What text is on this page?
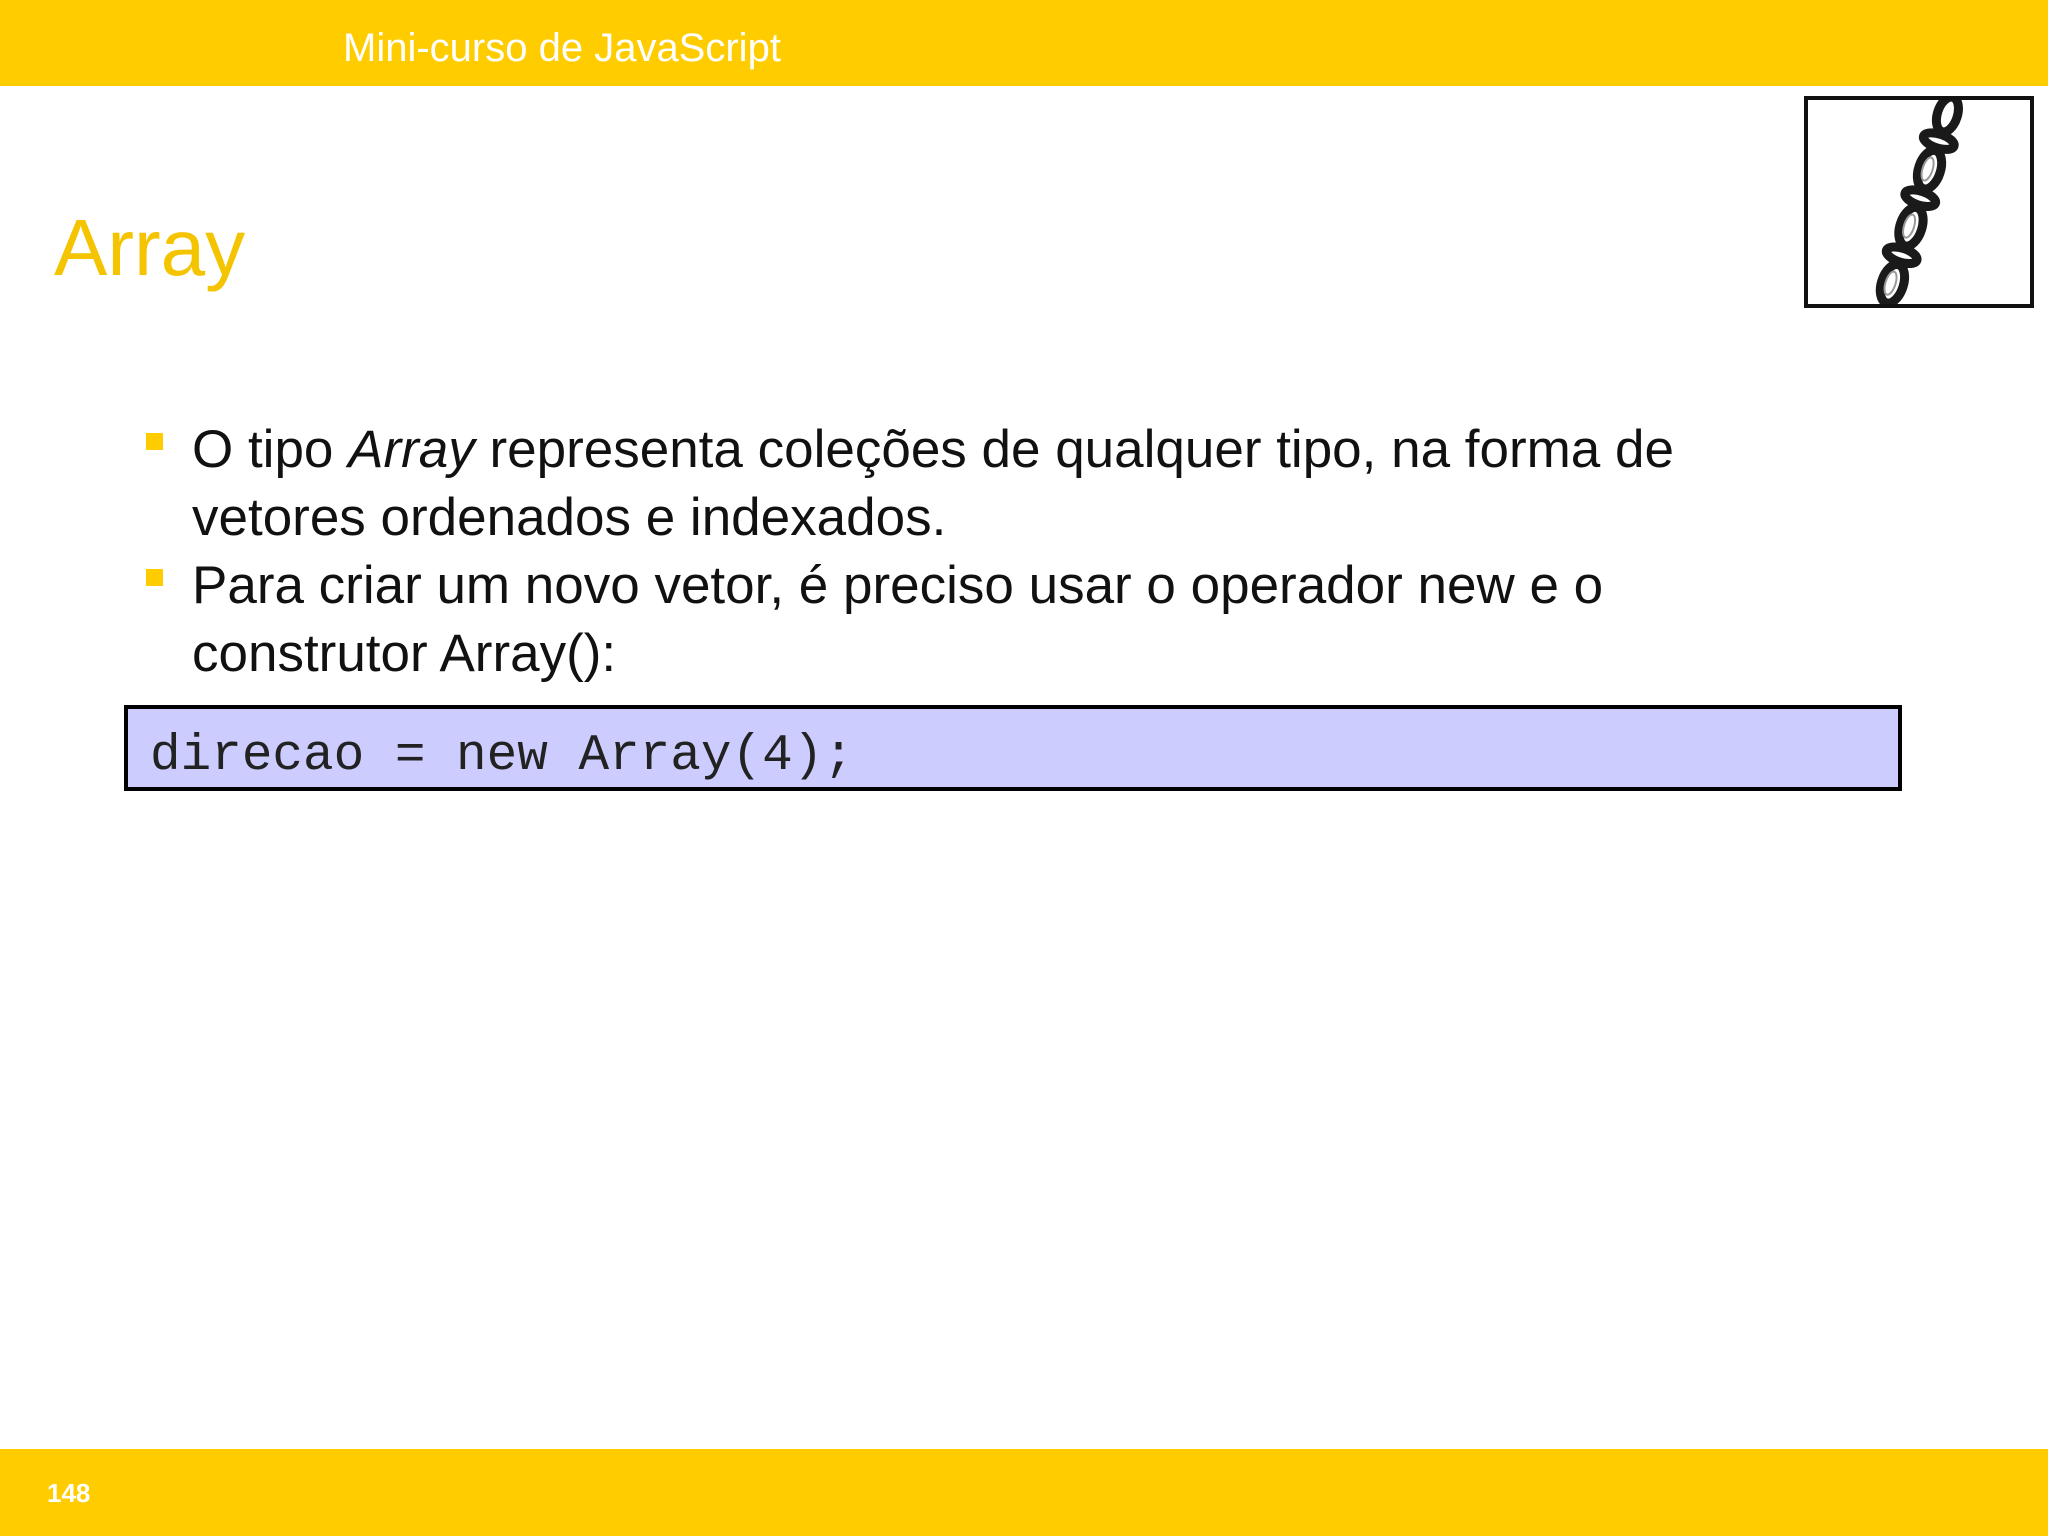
Mini-curso de JavaScript
Array
O tipo Array representa coleções de qualquer tipo, na forma de vetores ordenados e indexados.
Para criar um novo vetor, é preciso usar o operador new e o construtor Array():
direcao = new Array(4);
148
